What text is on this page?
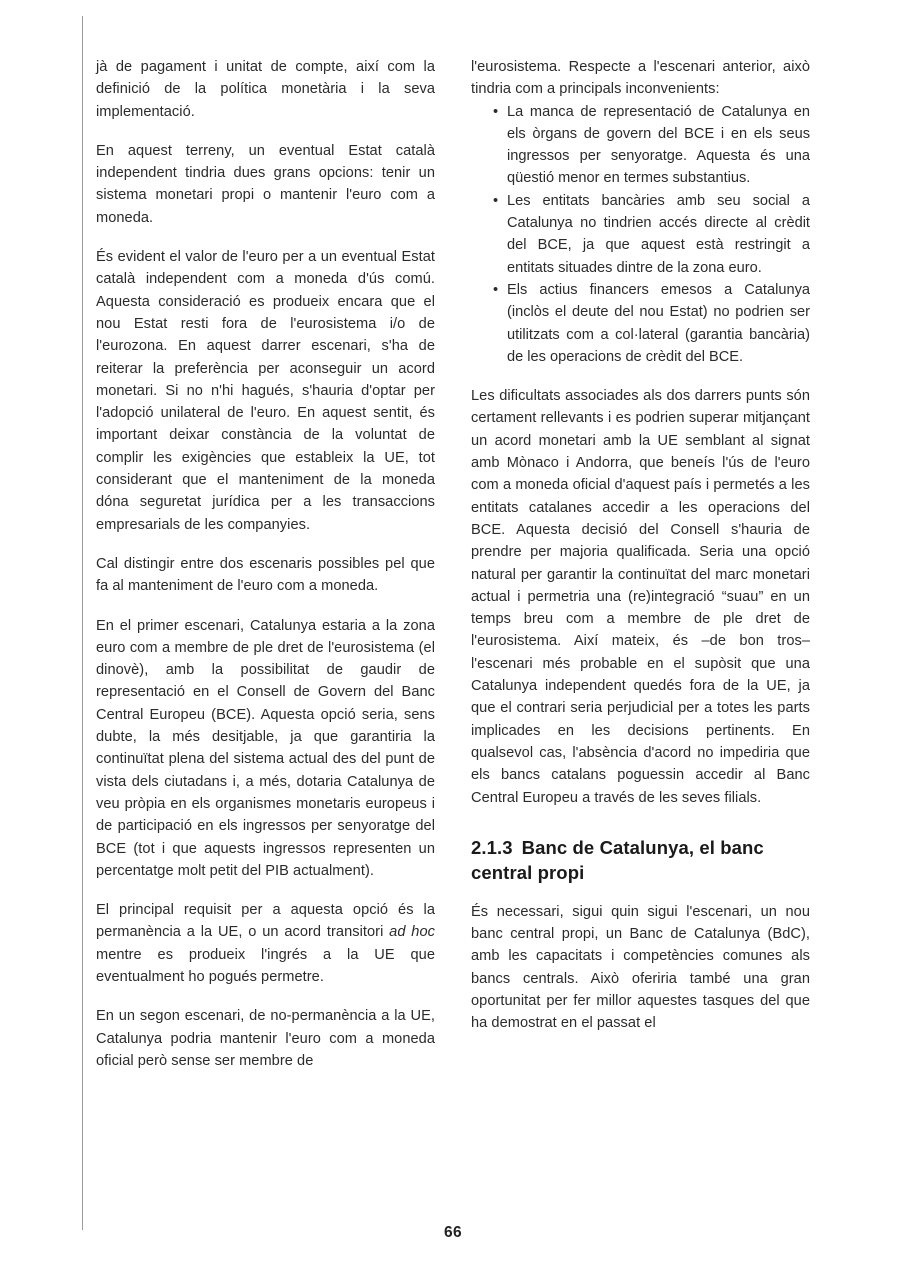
jà de pagament i unitat de compte, així com la definició de la política monetària i la seva implementació.

En aquest terreny, un eventual Estat català independent tindria dues grans opcions: tenir un sistema monetari propi o mantenir l'euro com a moneda.

És evident el valor de l'euro per a un eventual Estat català independent com a moneda d'ús comú. Aquesta consideració es produeix encara que el nou Estat resti fora de l'eurosistema i/o de l'eurozona. En aquest darrer escenari, s'ha de reiterar la preferència per aconseguir un acord monetari. Si no n'hi hagués, s'hauria d'optar per l'adopció unilateral de l'euro. En aquest sentit, és important deixar constància de la voluntat de complir les exigències que estableix la UE, tot considerant que el manteniment de la moneda dóna seguretat jurídica per a les transaccions empresarials de les companyies.

Cal distingir entre dos escenaris possibles pel que fa al manteniment de l'euro com a moneda.

En el primer escenari, Catalunya estaria a la zona euro com a membre de ple dret de l'eurosistema (el dinovè), amb la possibilitat de gaudir de representació en el Consell de Govern del Banc Central Europeu (BCE). Aquesta opció seria, sens dubte, la més desitjable, ja que garantiria la continuïtat plena del sistema actual des del punt de vista dels ciutadans i, a més, dotaria Catalunya de veu pròpia en els organismes monetaris europeus i de participació en els ingressos per senyoratge del BCE (tot i que aquests ingressos representen un percentatge molt petit del PIB actualment).

El principal requisit per a aquesta opció és la permanència a la UE, o un acord transitori ad hoc mentre es produeix l'ingrés a la UE que eventualment ho pogués permetre.

En un segon escenari, de no-permanència a la UE, Catalunya podria mantenir l'euro com a moneda oficial però sense ser membre de

l'eurosistema. Respecte a l'escenari anterior, això tindria com a principals inconvenients:

• La manca de representació de Catalunya en els òrgans de govern del BCE i en els seus ingressos per senyoratge. Aquesta és una qüestió menor en termes substantius.
• Les entitats bancàries amb seu social a Catalunya no tindrien accés directe al crèdit del BCE, ja que aquest està restringit a entitats situades dintre de la zona euro.
• Els actius financers emesos a Catalunya (inclòs el deute del nou Estat) no podrien ser utilitzats com a col·lateral (garantia bancària) de les operacions de crèdit del BCE.

Les dificultats associades als dos darrers punts són certament rellevants i es podrien superar mitjançant un acord monetari amb la UE semblant al signat amb Mònaco i Andorra, que beneís l'ús de l'euro com a moneda oficial d'aquest país i permetés a les entitats catalanes accedir a les operacions del BCE. Aquesta decisió del Consell s'hauria de prendre per majoria qualificada. Seria una opció natural per garantir la continuïtat del marc monetari actual i permetria una (re)integració “suau” en un temps breu com a membre de ple dret de l'eurosistema. Així mateix, és –de bon tros– l'escenari més probable en el supòsit que una Catalunya independent quedés fora de la UE, ja que el contrari seria perjudicial per a totes les parts implicades en les decisions pertinents. En qualsevol cas, l'absència d'acord no impediria que els bancs catalans poguessin accedir al Banc Central Europeu a través de les seves filials.

2.1.3 Banc de Catalunya, el banc central propi

És necessari, sigui quin sigui l'escenari, un nou banc central propi, un Banc de Catalunya (BdC), amb les capacitats i competències comunes als bancs centrals. Això oferiria també una gran oportunitat per fer millor aquestes tasques del que ha demostrat en el passat el

66
